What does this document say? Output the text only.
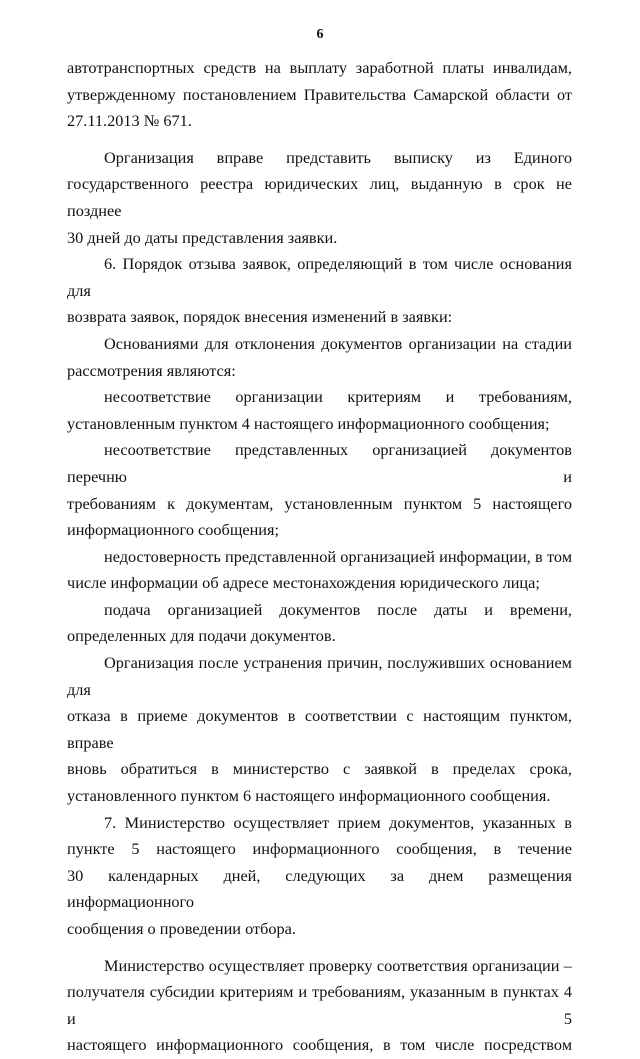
6

автотранспортных средств на выплату заработной платы инвалидам,

утвержденному постановлением Правительства Самарской области от

27.11.2013 № 671.

Организация вправе представить выписку из Единого

государственного реестра юридических лиц, выданную в срок не позднее

30 дней до даты представления заявки.

6. Порядок отзыва заявок, определяющий в том числе основания для

возврата заявок, порядок внесения изменений в заявки:

Основаниями для отклонения документов организации на стадии

рассмотрения являются:

несоответствие организации критериям и требованиям,

установленным пунктом 4 настоящего информационного сообщения;

несоответствие представленных организацией документов перечню и

требованиям к документам, установленным пунктом 5 настоящего

информационного сообщения;

недостоверность представленной организацией информации, в том

числе информации об адресе местонахождения юридического лица;

подача организацией документов после даты и времени,

определенных для подачи документов.

Организация после устранения причин, послуживших основанием для

отказа в приеме документов в соответствии с настоящим пунктом, вправе

вновь обратиться в министерство с заявкой в пределах срока,

установленного пунктом 6 настоящего информационного сообщения.

7. Министерство осуществляет прием документов, указанных в

пункте 5 настоящего информационного сообщения, в течение

30 календарных дней, следующих за днем размещения информационного

сообщения о проведении отбора.

Министерство осуществляет проверку соответствия организации –

получателя субсидии критериям и требованиям, указанным в пунктах 4 и 5

настоящего информационного сообщения, в том числе посредством
